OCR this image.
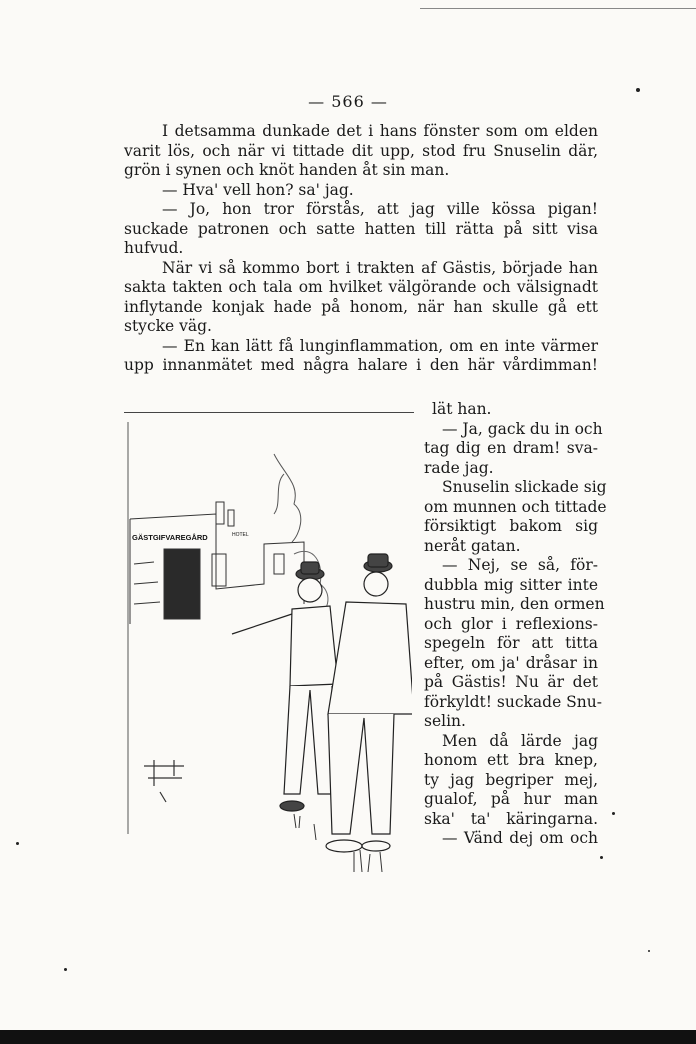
— 566 —
I detsamma dunkade det i hans fönster som om elden
varit lös, och när vi tittade dit upp, stod fru Snuselin där,
grön i synen och knöt handen åt sin man.
— Hva' vell hon? sa' jag.
— Jo, hon tror förstås, att jag ville kössa pigan!
suckade patronen och satte hatten till rätta på sitt visa
hufvud.
När vi så kommo bort i trakten af Gästis, började han
sakta takten och tala om hvilket välgörande och välsignadt
inflytande konjak hade på honom, när han skulle gå ett
stycke väg.
— En kan lätt få lunginflammation, om en inte värmer
upp innanmätet med några halare i den här vårdimman!
lät han.
— Ja, gack du in och
tag dig en dram! sva-
rade jag.
Snuselin slickade sig
om munnen och tittade
försiktigt bakom sig
neråt gatan.
— Nej, se så, för-
dubbla mig sitter inte
hustru min, den ormen
och glor i reflexions-
spegeln för att titta
efter, om ja' dråsar in
på Gästis! Nu är det
förkyldt! suckade Snu-
selin.
Men då lärde jag
honom ett bra knep,
ty jag begriper mej,
gualof, på hur man
ska' ta' käringarna.
— Vänd dej om och
GÄSTGIFVAREGÅRD	HOTEL
